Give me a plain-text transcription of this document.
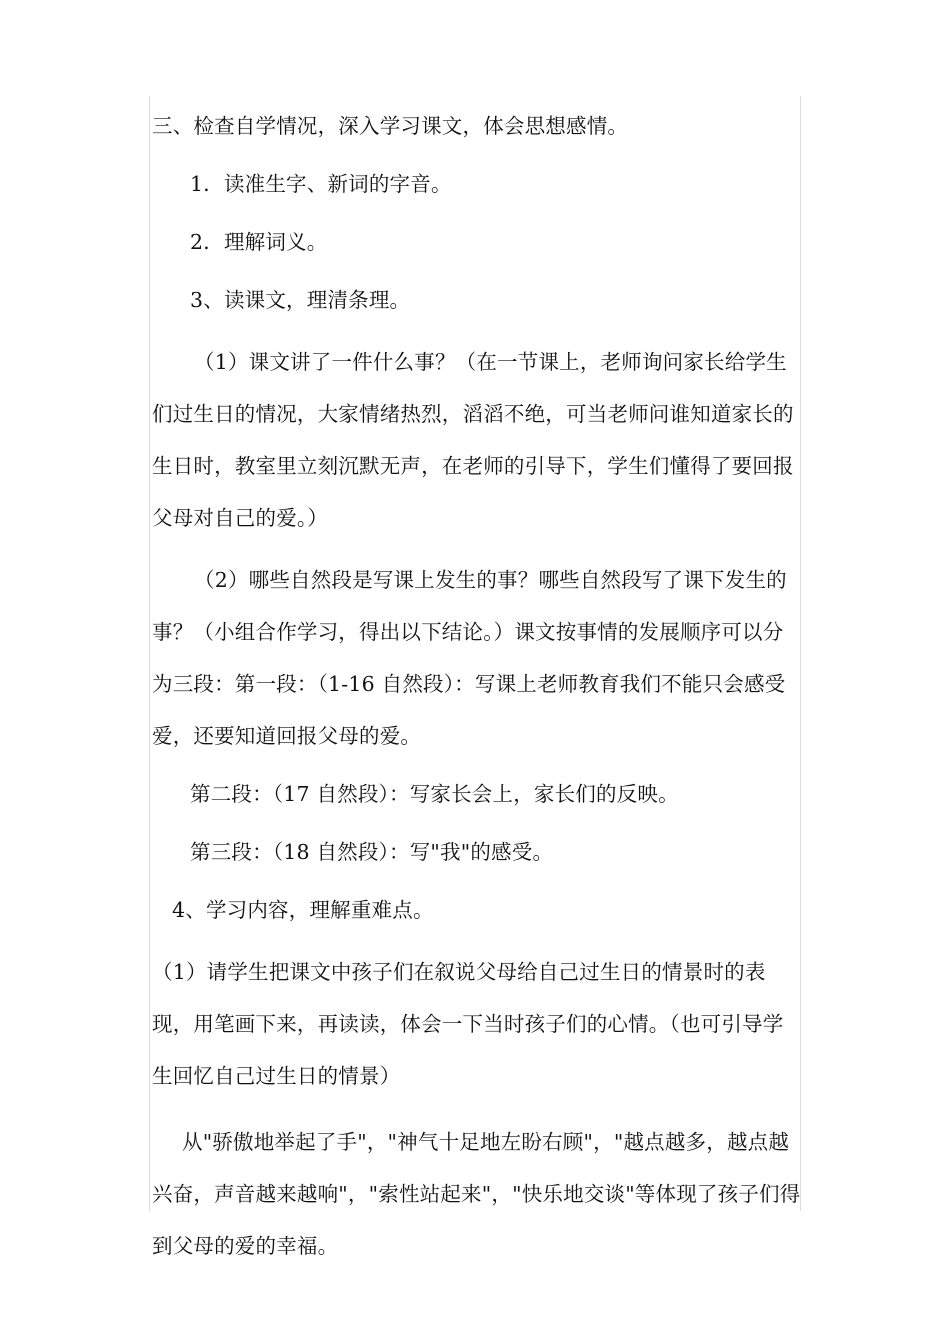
三、检查自学情况，深入学习课文，体会思想感情。

1．读准生字、新词的字音。

2．理解词义。

3、读课文，理清条理。

（1）课文讲了一件什么事？（在一节课上，老师询问家长给学生们过生日的情况，大家情绪热烈，滔滔不绝，可当老师问谁知道家长的生日时，教室里立刻沉默无声，在老师的引导下，学生们懂得了要回报父母对自己的爱。）

（2）哪些自然段是写课上发生的事？哪些自然段写了课下发生的事？（小组合作学习，得出以下结论。）课文按事情的发展顺序可以分为三段：第一段：（1-16 自然段）：写课上老师教育我们不能只会感受爱，还要知道回报父母的爱。

第二段：（17 自然段）：写家长会上，家长们的反映。

第三段：（18 自然段）：写"我"的感受。

4、学习内容，理解重难点。

（1）请学生把课文中孩子们在叙说父母给自己过生日的情景时的表现，用笔画下来，再读读，体会一下当时孩子们的心情。（也可引导学生回忆自己过生日的情景）

从"骄傲地举起了手"，"神气十足地左盼右顾"，"越点越多，越点越兴奋，声音越来越响"，"索性站起来"，"快乐地交谈"等体现了孩子们得到父母的爱的幸福。
